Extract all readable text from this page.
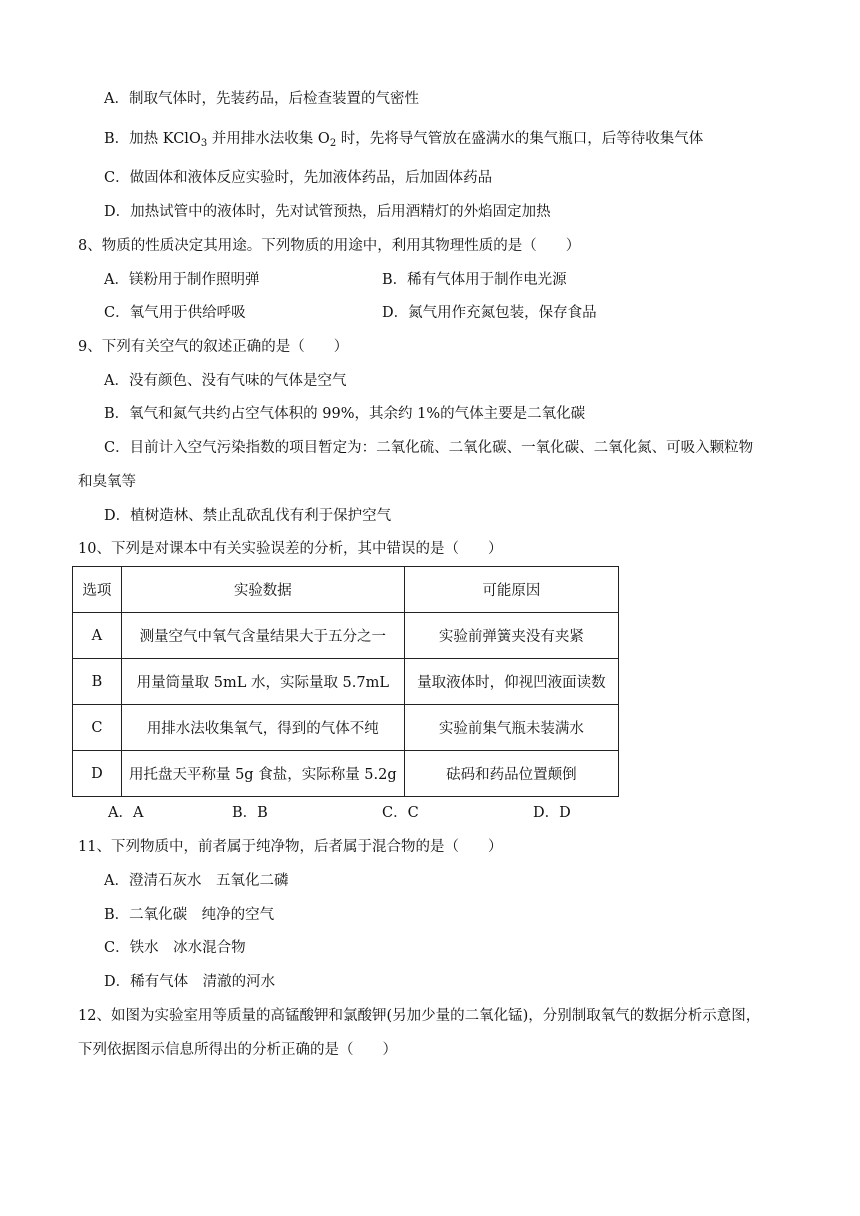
A．制取气体时，先装药品，后检查装置的气密性
B．加热 KClO$_3$ 并用排水法收集 $O_2$ 时，先将导气管放在盛满水的集气瓶口，后等待收集气体
C．做固体和液体反应实验时，先加液体药品，后加固体药品
D．加热试管中的液体时，先对试管预热，后用酒精灯的外焰固定加热
8、物质的性质决定其用途。下列物质的用途中，利用其物理性质的是（　　）
A．镁粉用于制作照明弹	B．稀有气体用于制作电光源
C．氧气用于供给呼吸	D．氮气用作充氮包装，保存食品
9、下列有关空气的叙述正确的是（　　）
A．没有颜色、没有气味的气体是空气
B．氧气和氮气共约占空气体积的 99%，其余约 1%的气体主要是二氧化碳
C．目前计入空气污染指数的项目暂定为：二氧化硫、二氧化碳、一氧化碳、二氧化氮、可吸入颗粒物
和臭氧等
D．植树造林、禁止乱砍乱伐有利于保护空气
10、下列是对课本中有关实验误差的分析，其中错误的是（　　）
选项	实验数据	可能原因
A	测量空气中氧气含量结果大于五分之一	实验前弹簧夹没有夹紧
B	用量筒量取 5mL 水，实际量取 5.7mL	量取液体时，仰视凹液面读数
C	用排水法收集氧气，得到的气体不纯	实验前集气瓶未装满水
D	用托盘天平称量 5g 食盐，实际称量 5.2g	砝码和药品位置颠倒
A．A	B．B	C．C	D．D
11、下列物质中，前者属于纯净物，后者属于混合物的是（　　）
A．澄清石灰水　五氧化二磷
B．二氧化碳　纯净的空气
C．铁水　冰水混合物
D．稀有气体　清澈的河水
12、如图为实验室用等质量的高锰酸钾和氯酸钾(另加少量的二氧化锰)，分别制取氧气的数据分析示意图，
下列依据图示信息所得出的分析正确的是（　　）
